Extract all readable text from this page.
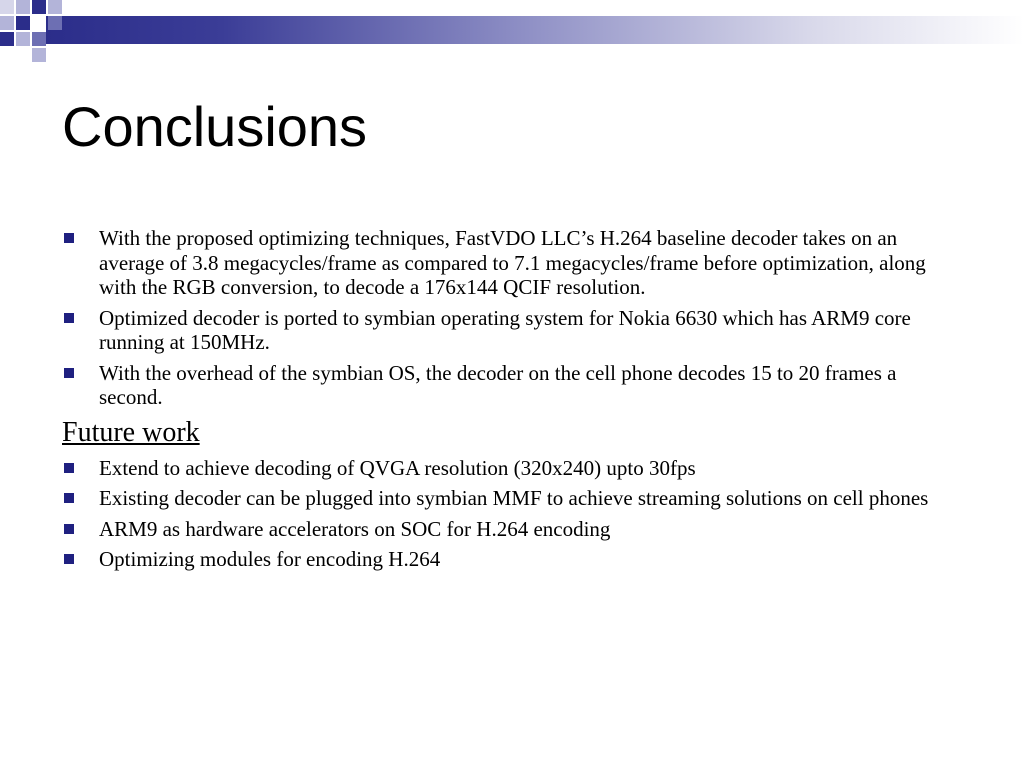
Conclusions
With the proposed optimizing techniques, FastVDO LLC’s H.264 baseline decoder takes on an average of 3.8 megacycles/frame as compared to 7.1 megacycles/frame before optimization, along with the RGB conversion, to decode a 176x144 QCIF resolution.
Optimized decoder is ported to symbian operating system for Nokia 6630 which has ARM9 core running at 150MHz.
With the overhead of the symbian OS, the decoder on the cell phone decodes 15 to 20 frames a second.
Future work
Extend to achieve decoding of QVGA resolution (320x240) upto 30fps
Existing decoder can be plugged into symbian MMF to achieve streaming solutions on cell phones
ARM9 as hardware accelerators on SOC for H.264 encoding
Optimizing modules for encoding H.264
